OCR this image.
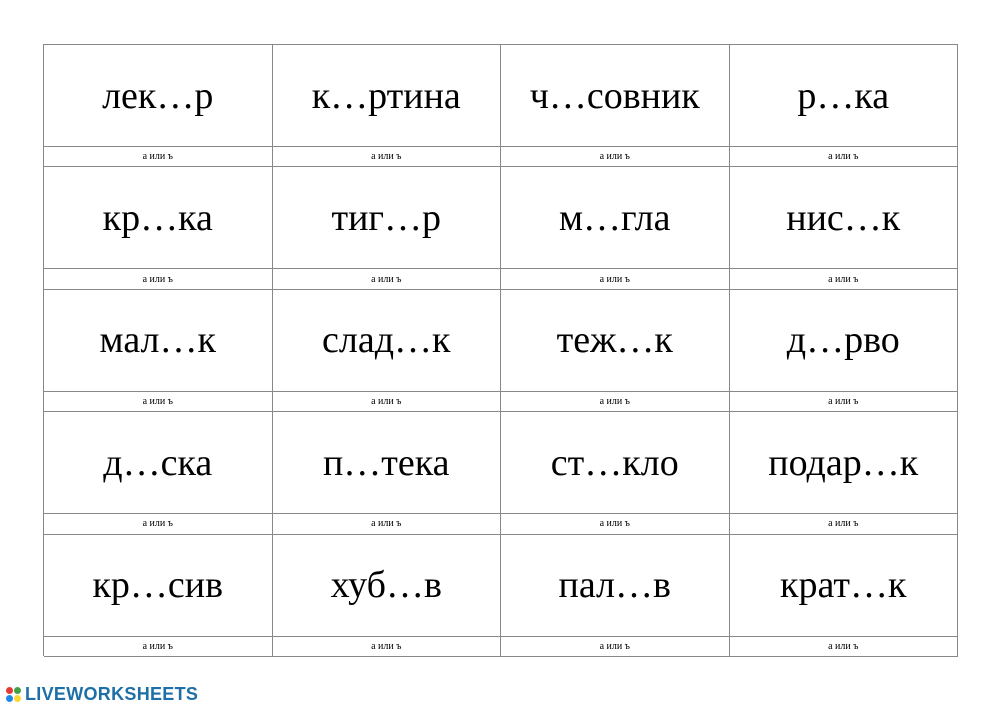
лек…р
а или ъ
к…ртина
а или ъ
ч…совник
а или ъ
р…ка
а или ъ
кр…ка
а или ъ
тиг…р
а или ъ
м…гла
а или ъ
нис…к
а или ъ
мал…к
а или ъ
слад…к
а или ъ
теж…к
а или ъ
д…рво
а или ъ
д…ска
а или ъ
п…тека
а или ъ
ст…кло
а или ъ
подар…к
а или ъ
кр…сив
а или ъ
хуб…в
а или ъ
пал…в
а или ъ
крат…к
а или ъ
LIVEWORKSHEETS
